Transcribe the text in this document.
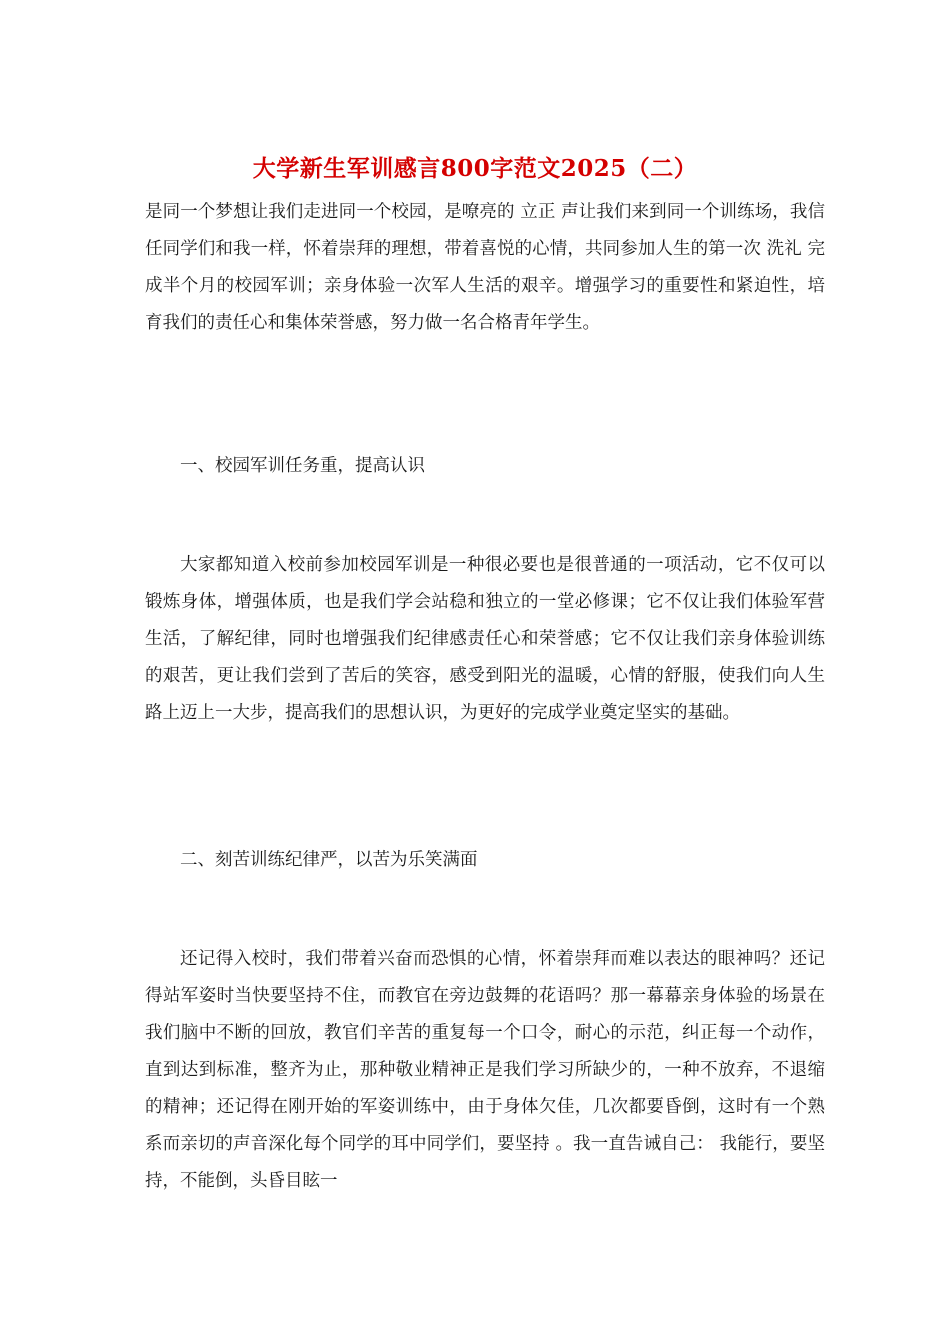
大学新生军训感言800字范文2025（二）

是同一个梦想让我们走进同一个校园，是嘹亮的 立正 声让我们来到同一个训练场，我信任同学们和我一样，怀着崇拜的理想，带着喜悦的心情，共同参加人生的第一次 洗礼 完成半个月的校园军训；亲身体验一次军人生活的艰辛。增强学习的重要性和紧迫性，培育我们的责任心和集体荣誉感，努力做一名合格青年学生。

一、校园军训任务重，提高认识

大家都知道入校前参加校园军训是一种很必要也是很普通的一项活动，它不仅可以锻炼身体，增强体质，也是我们学会站稳和独立的一堂必修课；它不仅让我们体验军营生活，了解纪律，同时也增强我们纪律感责任心和荣誉感；它不仅让我们亲身体验训练的艰苦，更让我们尝到了苦后的笑容，感受到阳光的温暖，心情的舒服，使我们向人生路上迈上一大步，提高我们的思想认识，为更好的完成学业奠定坚实的基础。

二、刻苦训练纪律严，以苦为乐笑满面

还记得入校时，我们带着兴奋而恐惧的心情，怀着崇拜而难以表达的眼神吗？还记得站军姿时当快要坚持不住，而教官在旁边鼓舞的花语吗？那一幕幕亲身体验的场景在我们脑中不断的回放，教官们辛苦的重复每一个口令，耐心的示范，纠正每一个动作，直到达到标准，整齐为止，那种敬业精神正是我们学习所缺少的，一种不放弃，不退缩的精神；还记得在刚开始的军姿训练中，由于身体欠佳，几次都要昏倒，这时有一个熟系而亲切的声音深化每个同学的耳中同学们，要坚持 。我一直告诫自己： 我能行，要坚持，不能倒，头昏目眩一
